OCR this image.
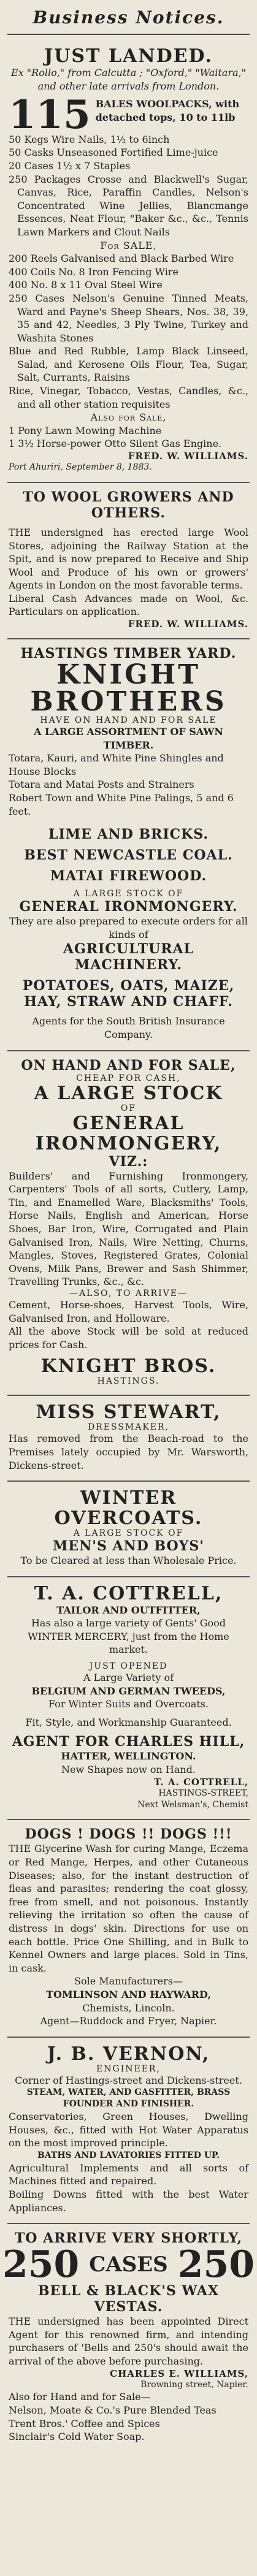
Business Notices.
JUST LANDED.
Ex "Rollo," from Calcutta ; "Oxford," "Waitara," and other late arrivals from London.
115 BALES WOOLPACKS, with detached tops, 10 to 11lb
50 Kegs Wire Nails, 1½ to 6inch
50 Casks Unseasoned Fortified Lime-juice
20 Cases 1½ x 7 Staples
250 Packages Crosse and Blackwell's Sugar, Canvas, Rice, Paraffin Candles, Nelson's Concentrated Wine Jellies, Blancmange Essences, Neat Flour, "Baker &c., &c., Tennis Lawn Markers and Clout Nails
For SALE,
200 Reels Galvanised and Black Barbed Wire
400 Coils No. 8 Iron Fencing Wire
400 No. 8 x 11 Oval Steel Wire
250 Cases Nelson's Genuine Tinned Meats, Ward and Payne's Sheep Shears, Nos. 38, 39, 35 and 42, Needles, 3 Ply Twine, Turkey and Washita Stones
Blue and Red Rubble, Lamp Black Linseed, Salad, and Kerosene Oils Flour, Tea, Sugar, Salt, Currants, Raisins
Rice, Vinegar, Tobacco, Vestas, Candles, &c., and all other station requisites
Also for Sale,
1 Pony Lawn Mowing Machine
1 3½ Horse-power Otto Silent Gas Engine.
FRED. W. WILLIAMS.
Port Ahuriri, September 8, 1883.
TO WOOL GROWERS AND OTHERS.
THE undersigned has erected large Wool Stores, adjoining the Railway Station at the Spit, and is now prepared to Receive and Ship Wool and Produce of his own or growers' Agents in London on the most favorable terms.
Liberal Cash Advances made on Wool, &c. Particulars on application.
FRED. W. WILLIAMS.
HASTINGS TIMBER YARD.
KNIGHT BROTHERS
HAVE ON HAND AND FOR SALE
A LARGE ASSORTMENT OF SAWN TIMBER.
Totara, Kauri, and White Pine Shingles and House Blocks
Totara and Matai Posts and Strainers
Robert Town and White Pine Palings, 5 and 6 feet.
LIME AND BRICKS.
BEST NEWCASTLE COAL.
MATAI FIREWOOD.
A LARGE STOCK OF
GENERAL IRONMONGERY.
They are also prepared to execute orders for all kinds of
AGRICULTURAL MACHINERY.
POTATOES, OATS, MAIZE, HAY, STRAW AND CHAFF.
Agents for the South British Insurance Company.
ON HAND AND FOR SALE,
CHEAP FOR CASH,
A LARGE STOCK
OF
GENERAL IRONMONGERY,
VIZ.:
Builders' and Furnishing Ironmongery, Carpenters' Tools of all sorts, Cutlery, Lamp, Tin, and Enamelled Ware, Blacksmiths' Tools, Horse Nails, English and American, Horse Shoes, Bar Iron, Wire, Corrugated and Plain Galvanised Iron, Nails, Wire Netting, Churns, Mangles, Stoves, Registered Grates, Colonial Ovens, Milk Pans, Brewer and Sash Shimmer, Travelling Trunks, &c., &c.
—ALSO, TO ARRIVE—
Cement, Horse-shoes, Harvest Tools, Wire, Galvanised Iron, and Holloware.
All the above Stock will be sold at reduced prices for Cash.
KNIGHT BROS.
HASTINGS.
MISS STEWART,
DRESSMAKER,
Has removed from the Beach-road to the Premises lately occupied by Mr. Warsworth, Dickens-street.
WINTER OVERCOATS.
A LARGE STOCK OF
MEN'S AND BOYS'
To be Cleared at less than Wholesale Price.
T. A. COTTRELL,
TAILOR AND OUTFITTER,
Has also a large variety of Gents' Good WINTER MERCERY, just from the Home market.
JUST OPENED
A Large Variety of
BELGIUM AND GERMAN TWEEDS,
For Winter Suits and Overcoats.
Fit, Style, and Workmanship Guaranteed.
AGENT FOR CHARLES HILL,
HATTER, WELLINGTON.
New Shapes now on Hand.
T. A. COTTRELL,
HASTINGS-STREET,
Next Welsman's, Chemist
DOGS ! DOGS !! DOGS !!!
THE Glycerine Wash for curing Mange, Eczema or Red Mange, Herpes, and other Cutaneous Diseases; also, for the instant destruction of fleas and parasites; rendering the coat glossy, free from smell, and not poisonous. Instantly relieving the irritation so often the cause of distress in dogs' skin. Directions for use on each bottle. Price One Shilling, and in Bulk to Kennel Owners and large places. Sold in Tins, in cask.
Sole Manufacturers—
TOMLINSON AND HAYWARD,
Chemists, Lincoln.
Agent—Ruddock and Fryer, Napier.
J. B. VERNON,
ENGINEER,
Corner of Hastings-street and Dickens-street.
STEAM, WATER, AND GASFITTER, BRASS FOUNDER AND FINISHER.
Conservatories, Green Houses, Dwelling Houses, &c., fitted with Hot Water Apparatus on the most improved principle.
BATHS AND LAVATORIES FITTED UP.
Agricultural Implements and all sorts of Machines fitted and repaired.
Boiling Downs fitted with the best Water Appliances.
TO ARRIVE VERY SHORTLY,
250 CASES 250
BELL & BLACK'S WAX VESTAS.
THE undersigned has been appointed Direct Agent for this renowned firm, and intending purchasers of 'Bells and 250's should await the arrival of the above before purchasing.
CHARLES E. WILLIAMS,
Browning street, Napier.
Also for Hand and for Sale—
Nelson, Moate & Co.'s Pure Blended Teas
Trent Bros.' Coffee and Spices
Sinclair's Cold Water Soap.
